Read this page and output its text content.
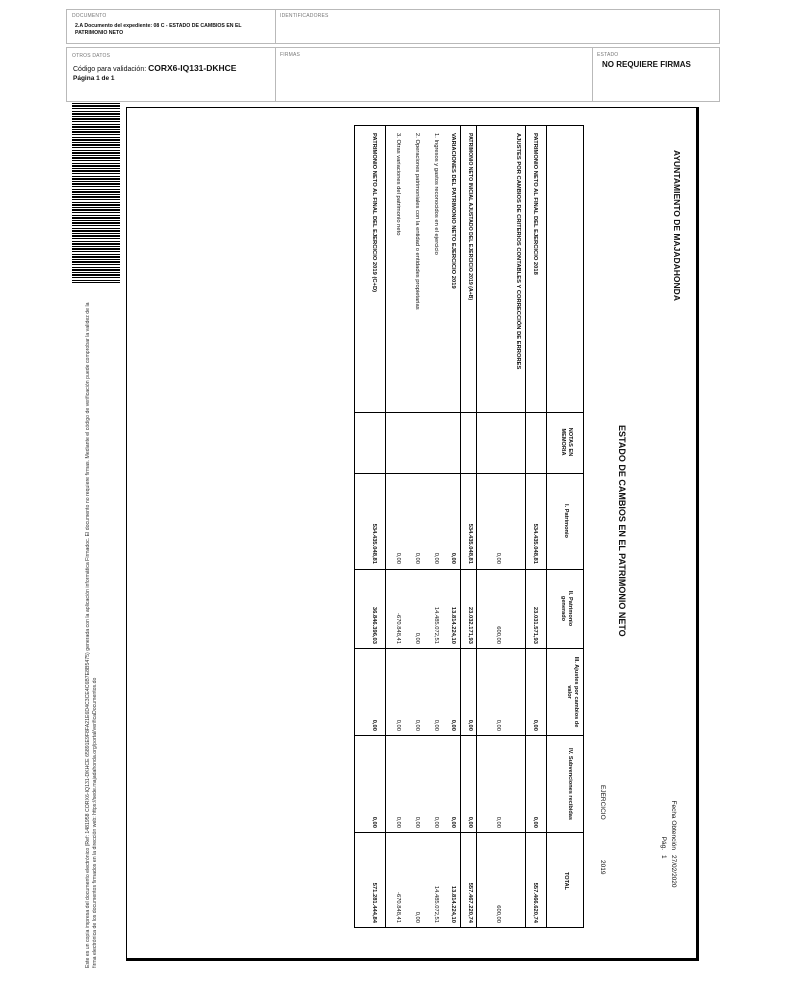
DOCUMENTO
2.A Documento del expediente: 08 C - ESTADO DE CAMBIOS EN EL PATRIMONIO NETO
IDENTIFICADORES
OTROS DATOS
Código para validación: CORX6-IQ131-DKHCE
Página 1 de 1
FIRMAS	ESTADO
NO REQUIERE FIRMAS
Este es un copia impresa del documento electrónico (Ref: 1481958 CORX6-IQ131-DKHCE 65891E9F8FA21E6D4C3CE4C6B7E8B5475) generada con la aplicación informática Firmadoc. El documento no requiere firmas. Mediante el código de verificación puede comprobar la validez de la firma electrónica de los documentos firmados en la dirección web: https://sede.majadahonda.org/portal/verificaDocumentos.do
AYUNTAMIENTO DE MAJADAHONDA
Fecha Obtención
27/02/2020
Pág.
1
ESTADO DE CAMBIOS EN EL PATRIMONIO NETO
EJERCICIO
2019
NOTAS EN MEMORIA
I. Patrimonio
II. Patrimonio generado
III. Ajustes por cambios de valor
IV. Subvenciones recibidas
TOTAL
PATRIMONIO NETO AL FINAL DEL EJERCICIO 2018
534.435.048,81
23.031.571,93
0,00
0,00
557.466.620,74
AJUSTES POR CAMBIOS DE CRITERIOS CONTABLES Y CORRECCIÓN DE ERRORES
0,00
600,00
0,00
0,00
600,00
PATRIMONIO NETO INICIAL AJUSTADO DEL EJERCICIO 2019 (A+B)
534.435.048,81
23.032.171,93
0,00
0,00
557.467.220,74
VARIACIONES DEL PATRIMONIO NETO EJERCICIO 2019
0,00
13.814.224,10
0,00
0,00
13.814.224,10
1. Ingresos y gastos reconocidos en el ejercicio
0,00
14.485.072,51
0,00
0,00
14.485.072,51
2. Operaciones patrimoniales con la entidad o entidades propietarias
0,00
0,00
0,00
0,00
0,00
3. Otras variaciones del patrimonio neto
0,00
-670.848,41
0,00
0,00
-670.848,41
PATRIMONIO NETO AL FINAL DEL EJERCICIO 2019 (C+D)
534.435.048,81
36.846.396,03
0,00
0,00
571.281.444,84
